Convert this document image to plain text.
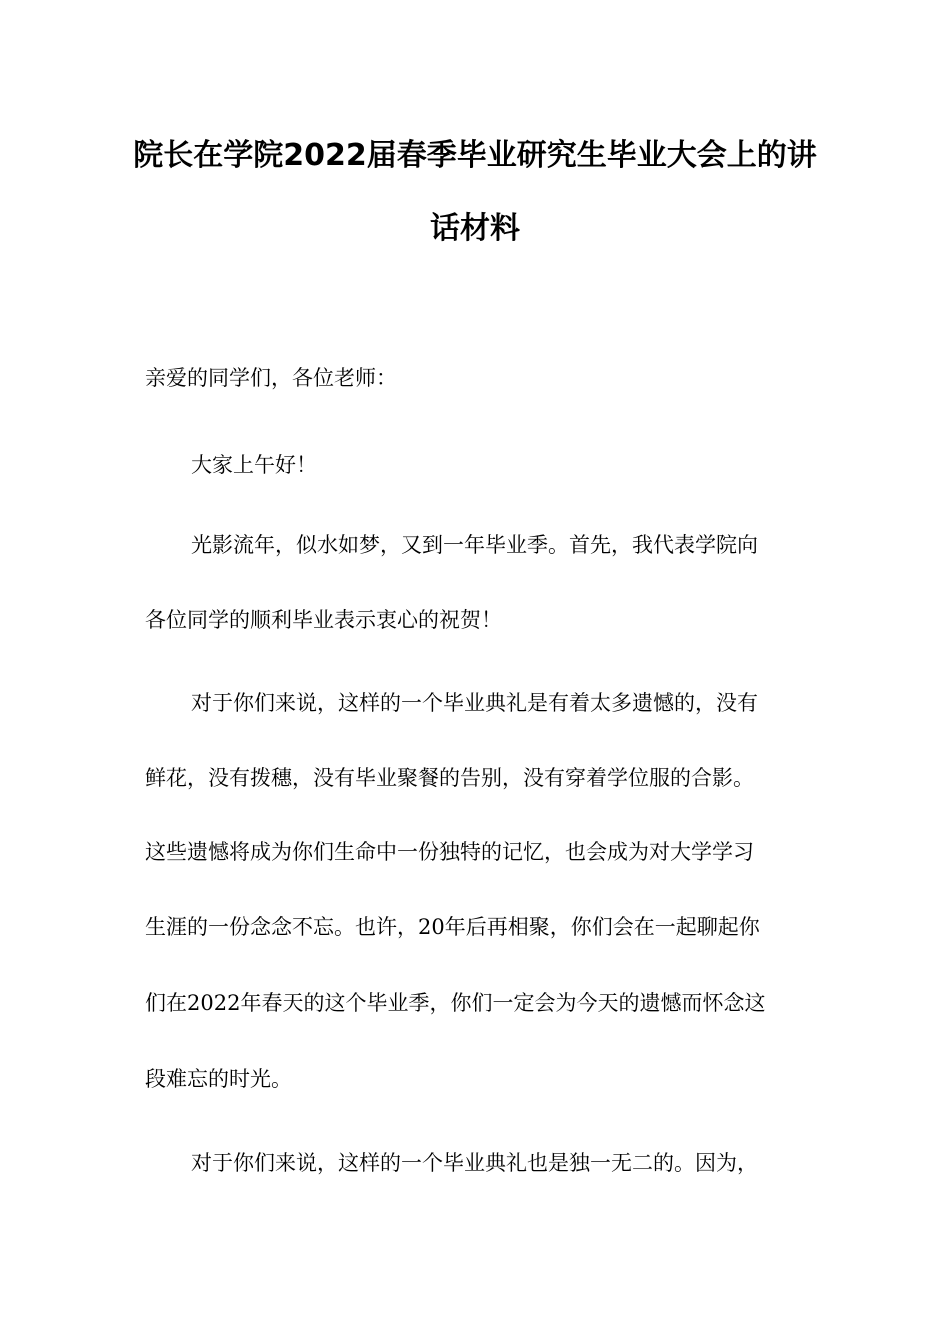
院长在学院2022届春季毕业研究生毕业大会上的讲
话材料
亲爱的同学们，各位老师：
大家上午好！
光影流年，似水如梦，又到一年毕业季。首先，我代表学院向
各位同学的顺利毕业表示衷心的祝贺！
对于你们来说，这样的一个毕业典礼是有着太多遗憾的，没有
鲜花，没有拨穗，没有毕业聚餐的告别，没有穿着学位服的合影。
这些遗憾将成为你们生命中一份独特的记忆，也会成为对大学学习
生涯的一份念念不忘。也许，20年后再相聚，你们会在一起聊起你
们在2022年春天的这个毕业季，你们一定会为今天的遗憾而怀念这
段难忘的时光。
对于你们来说，这样的一个毕业典礼也是独一无二的。因为，
